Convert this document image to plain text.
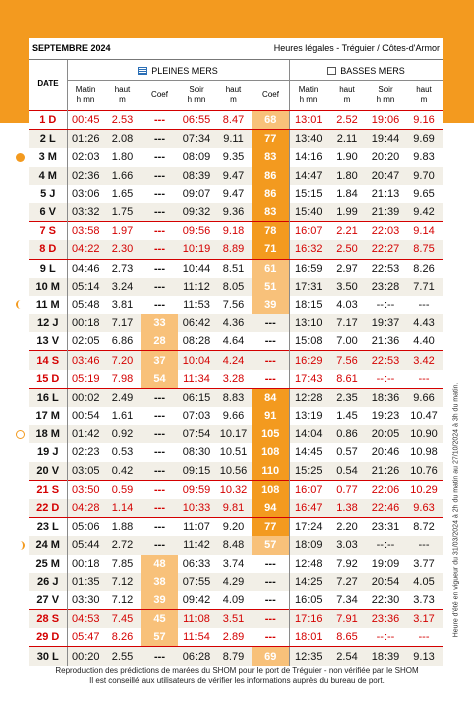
SEPTEMBRE 2024	Heures légales - Tréguier / Côtes-d'Armor
DATE
PLEINES MERS	BASSES MERS
Matin
h mn
haut
m
Coef
Soir
h mn
haut
m
Coef
Matin
h mn
haut
m
Soir
h mn
haut
m
1 D	00:45	2.53	---	06:55	8.47	68	13:01	2.52	19:06	9.16
2 L	01:26	2.08	---	07:34	9.11	77	13:40	2.11	19:44	9.69
3 M	02:03	1.80	---	08:09	9.35	83	14:16	1.90	20:20	9.83
4 M	02:36	1.66	---	08:39	9.47	86	14:47	1.80	20:47	9.70
5 J	03:06	1.65	---	09:07	9.47	86	15:15	1.84	21:13	9.65
6 V	03:32	1.75	---	09:32	9.36	83	15:40	1.99	21:39	9.42
7 S	03:58	1.97	---	09:56	9.18	78	16:07	2.21	22:03	9.14
8 D	04:22	2.30	---	10:19	8.89	71	16:32	2.50	22:27	8.75
9 L	04:46	2.73	---	10:44	8.51	61	16:59	2.97	22:53	8.26
10 M	05:14	3.24	---	11:12	8.05	51	17:31	3.50	23:28	7.71
11 M	05:48	3.81	---	11:53	7.56	39	18:15	4.03	--:--	---
12 J	00:18	7.17	33	06:42	4.36	---	13:10	7.17	19:37	4.43
13 V	02:05	6.86	28	08:28	4.64	---	15:08	7.00	21:36	4.40
14 S	03:46	7.20	37	10:04	4.24	---	16:29	7.56	22:53	3.42
15 D	05:19	7.98	54	11:34	3.28	---	17:43	8.61	--:--	---
16 L	00:02	2.49	---	06:15	8.83	84	12:28	2.35	18:36	9.66
17 M	00:54	1.61	---	07:03	9.66	91	13:19	1.45	19:23	10.47
18 M	01:42	0.92	---	07:54	10.17	105	14:04	0.86	20:05	10.90
19 J	02:23	0.53	---	08:30	10.51	108	14:45	0.57	20:46	10.98
20 V	03:05	0.42	---	09:15	10.56	110	15:25	0.54	21:26	10.76
21 S	03:50	0.59	---	09:59	10.32	108	16:07	0.77	22:06	10.29
22 D	04:28	1.14	---	10:33	9.81	94	16:47	1.38	22:46	9.63
23 L	05:06	1.88	---	11:07	9.20	77	17:24	2.20	23:31	8.72
24 M	05:44	2.72	---	11:42	8.48	57	18:09	3.03	--:--	---
25 M	00:18	7.85	48	06:33	3.74	---	12:48	7.92	19:09	3.77
26 J	01:35	7.12	38	07:55	4.29	---	14:25	7.27	20:54	4.05
27 V	03:30	7.12	39	09:42	4.09	---	16:05	7.34	22:30	3.73
28 S	04:53	7.45	45	11:08	3.51	---	17:16	7.91	23:36	3.17
29 D	05:47	8.26	57	11:54	2.89	---	18:01	8.65	--:--	---
30 L	00:20	2.55	---	06:28	8.79	69	12:35	2.54	18:39	9.13
Heure d'été en vigueur du 31/03/2024 à 2h du matin au 27/10/2024 à 3h du matin.
Reproduction des prédictions de marées du SHOM pour le port de Tréguier - non vérifiée par le SHOM
Il est conseillé aux utilisateurs de vérifier les informations auprès du bureau de port.
